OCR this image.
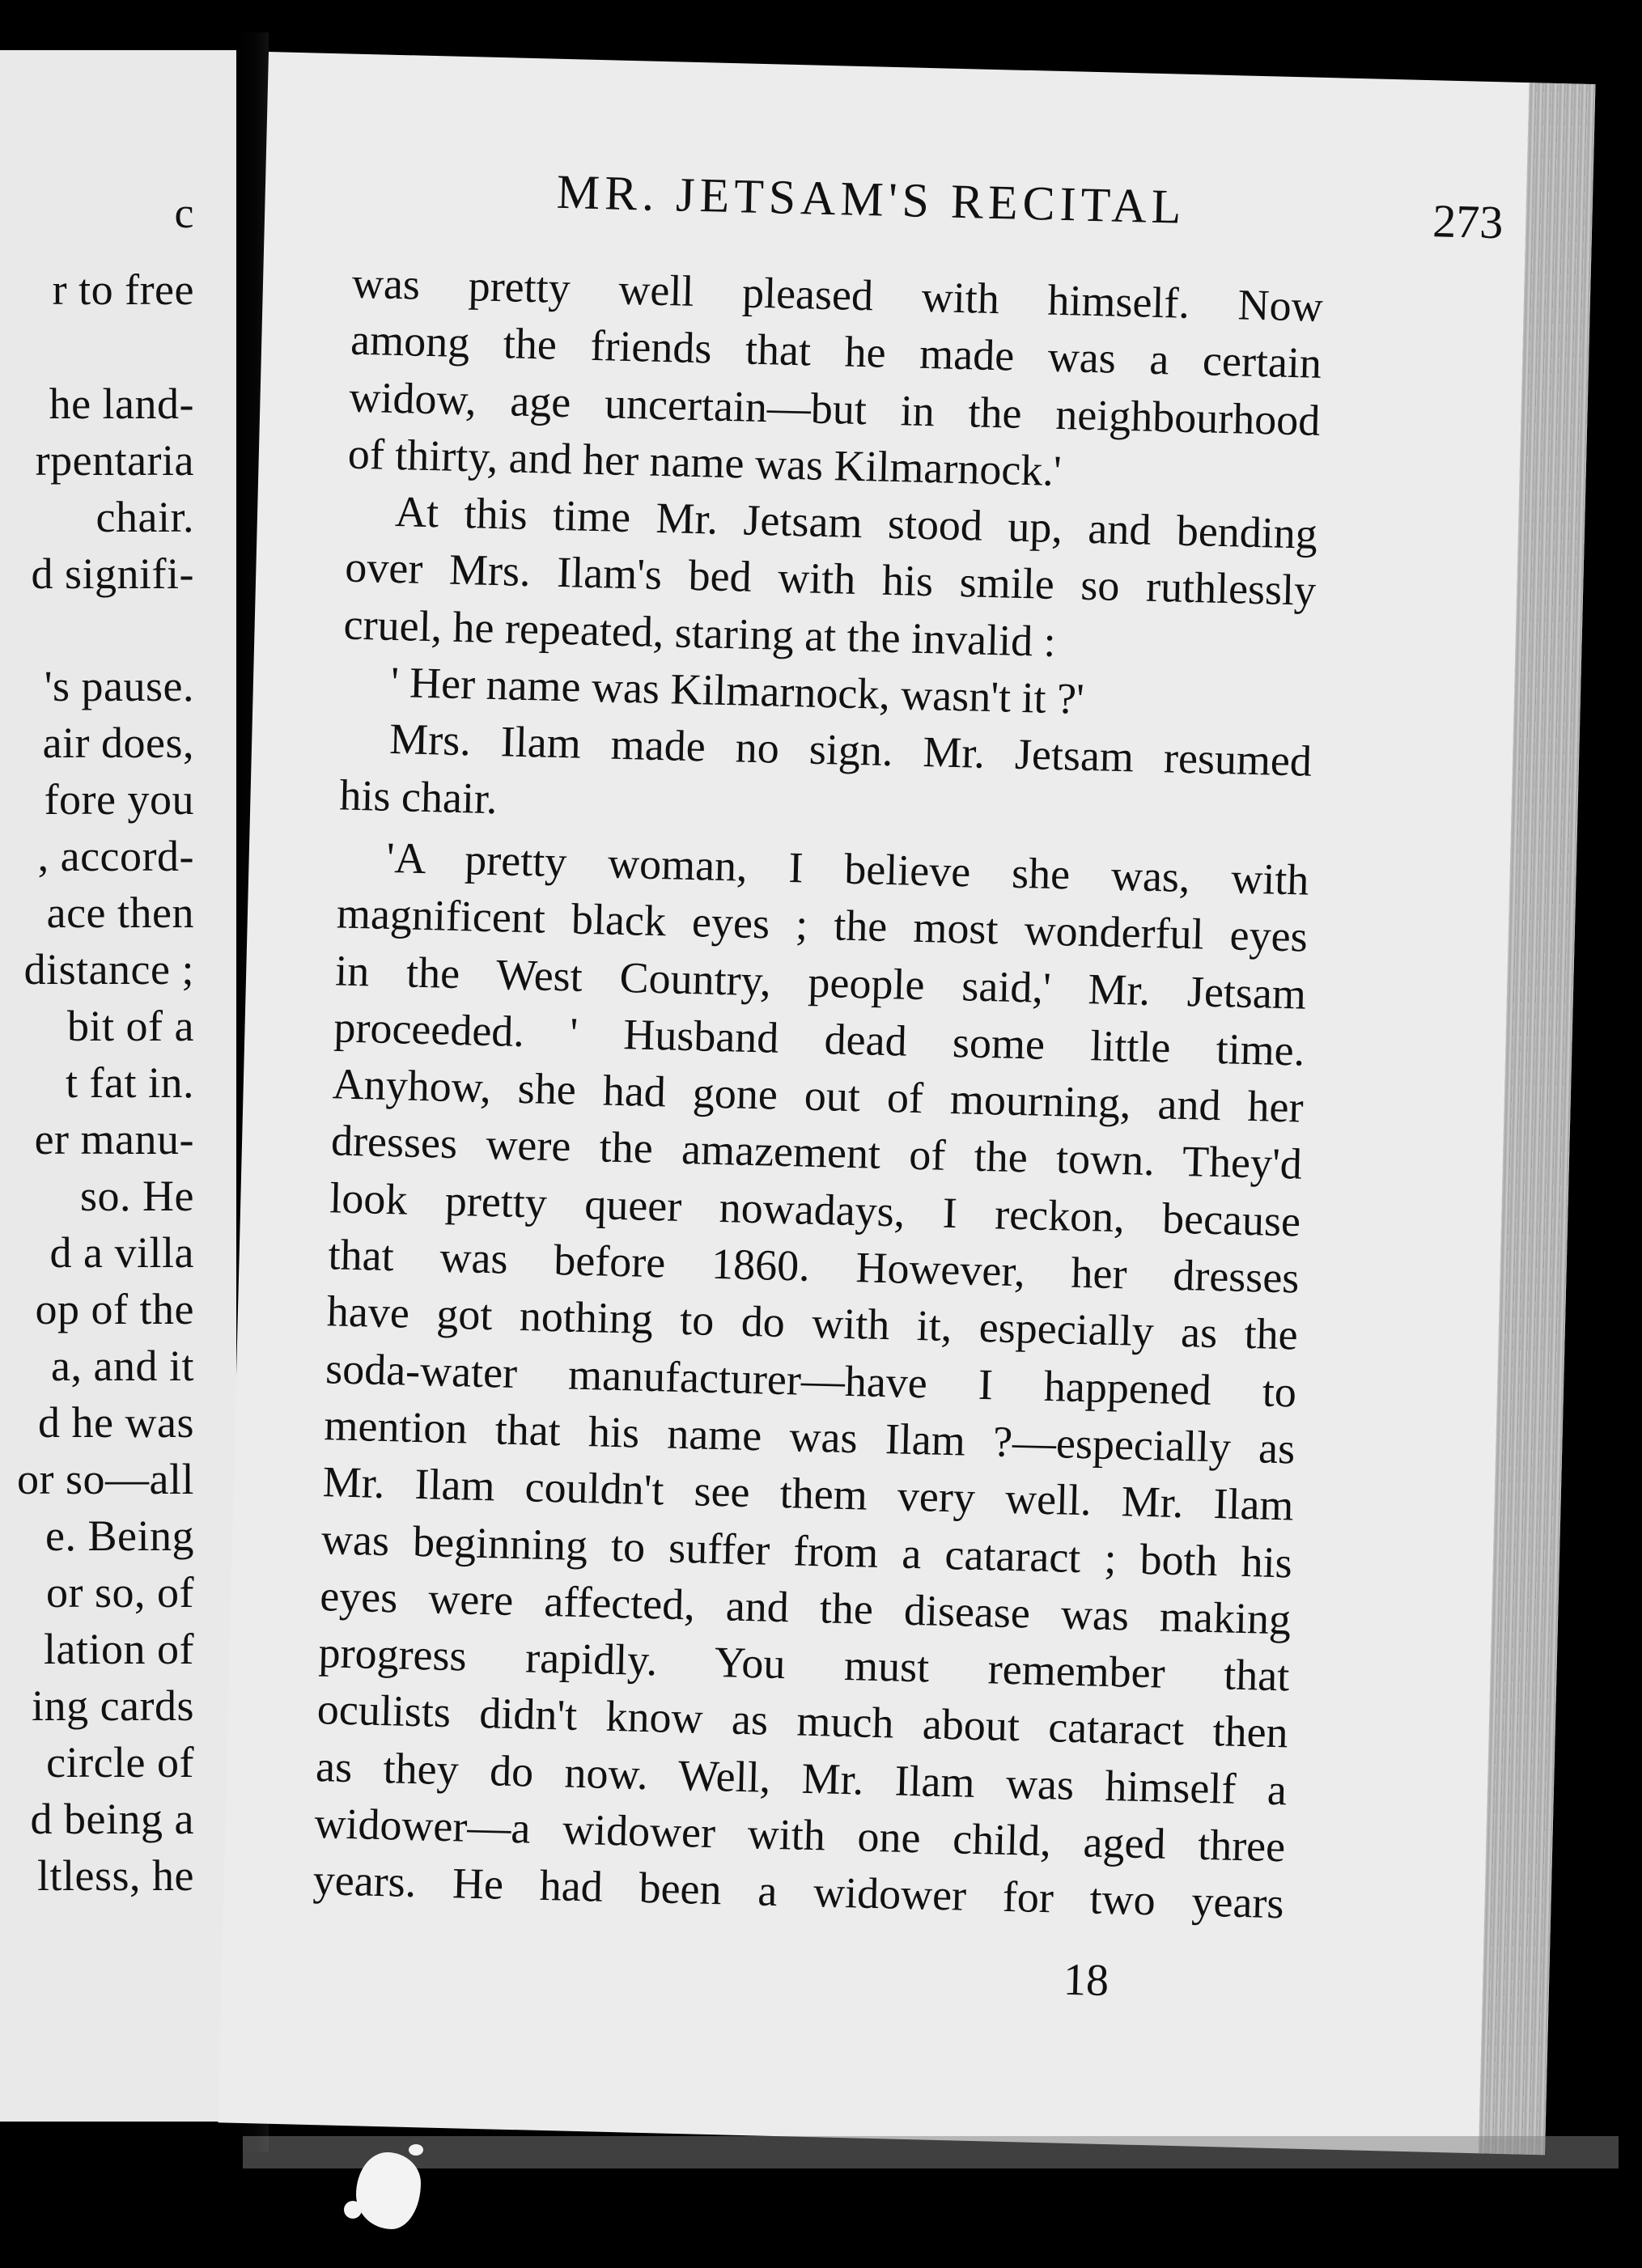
c
r to free
he land-
rpentaria
chair.
d signifi-
's pause.
air does,
fore you
, accord-
ace then
distance ;
bit of a
t fat in.
er manu-
so. He
d a villa
op of the
a, and it
d he was
or so—all
e. Being
or so, of
lation of
ing cards
circle of
d being a
ltless, he
MR. JETSAM'S RECITAL	273
was pretty well pleased with himself. Now
among the friends that he made was a certain
widow, age uncertain—but in the neighbourhood
of thirty, and her name was Kilmarnock.'
At this time Mr. Jetsam stood up, and bending
over Mrs. Ilam's bed with his smile so ruthlessly
cruel, he repeated, staring at the invalid :
' Her name was Kilmarnock, wasn't it ?'
Mrs. Ilam made no sign. Mr. Jetsam resumed
his chair.
'A pretty woman, I believe she was, with
magnificent black eyes ; the most wonderful eyes
in the West Country, people said,' Mr. Jetsam
proceeded. ' Husband dead some little time.
Anyhow, she had gone out of mourning, and her
dresses were the amazement of the town. They'd
look pretty queer nowadays, I reckon, because
that was before 1860. However, her dresses
have got nothing to do with it, especially as the
soda-water manufacturer—have I happened to
mention that his name was Ilam ?—especially as
Mr. Ilam couldn't see them very well. Mr. Ilam
was beginning to suffer from a cataract ; both his
eyes were affected, and the disease was making
progress rapidly. You must remember that
oculists didn't know as much about cataract then
as they do now. Well, Mr. Ilam was himself a
widower—a widower with one child, aged three
years. He had been a widower for two years
18
